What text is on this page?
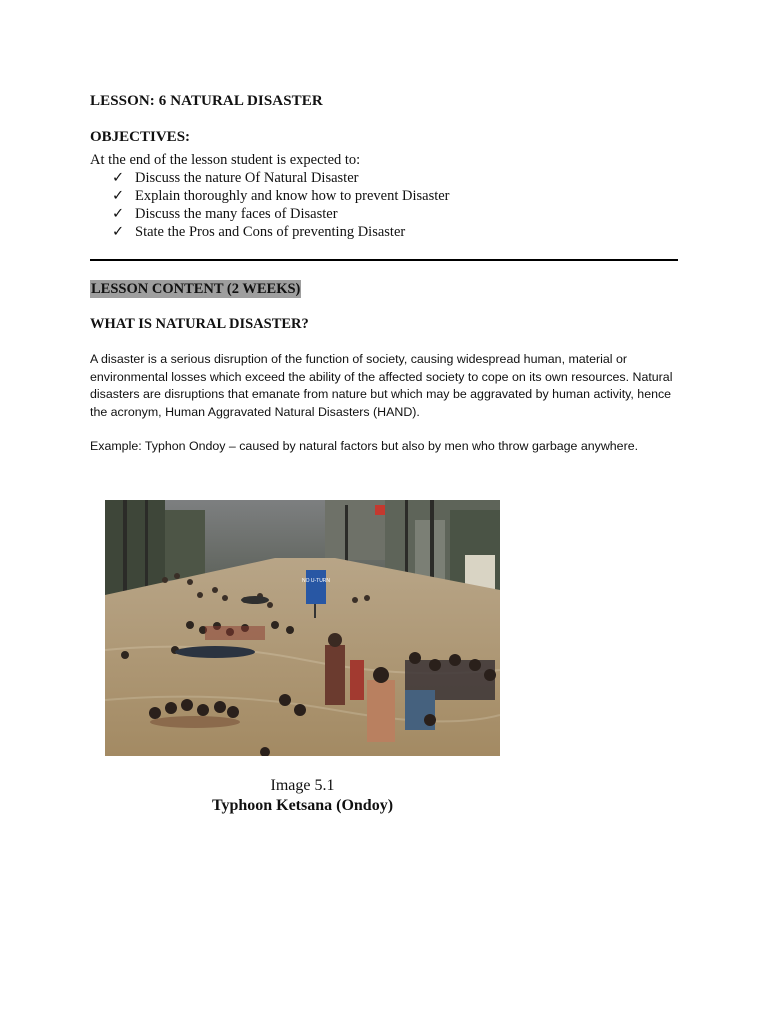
LESSON: 6 NATURAL DISASTER
OBJECTIVES:
At the end of the lesson student is expected to:
✓ Discuss the nature Of Natural Disaster
✓ Explain thoroughly and know how to prevent Disaster
✓ Discuss the many faces of Disaster
✓ State the Pros and Cons of preventing Disaster
LESSON CONTENT (2 WEEKS)
WHAT IS NATURAL DISASTER?

A disaster is a serious disruption of the function of society, causing widespread human, material or environmental losses which exceed the ability of the affected society to cope on its own resources. Natural disasters are disruptions that emanate from nature but which may be aggravated by human activity, hence the acronym, Human Aggravated Natural Disasters (HAND).

Example: Typhon Ondoy – caused by natural factors but also by men who throw garbage anywhere.

NO U-TURN
Image 5.1
Typhoon Ketsana (Ondoy)
